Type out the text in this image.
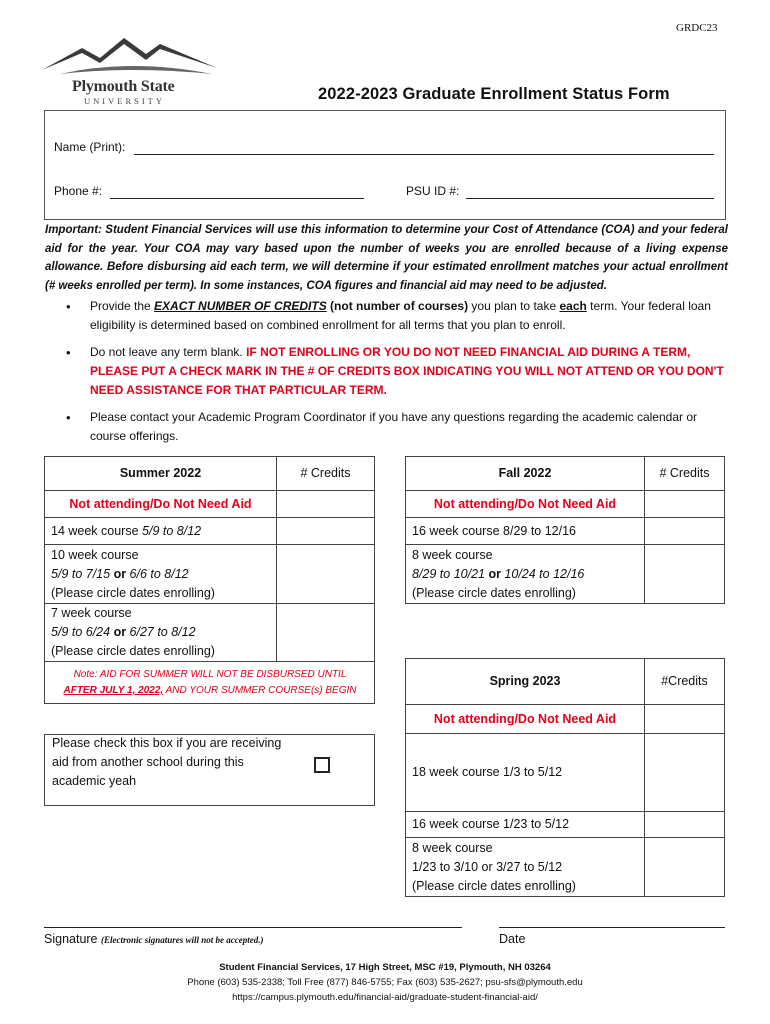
GRDC23
Plymouth State
UNIVERSITY	2022-2023 Graduate Enrollment Status Form
Name (Print):
Phone #:	PSU ID #:
Important: Student Financial Services will use this information to determine your Cost of Attendance (COA) and your federal aid for the year. Your COA may vary based upon the number of weeks you are enrolled because of a living expense allowance. Before disbursing aid each term, we will determine if your estimated enrollment matches your actual enrollment (# weeks enrolled per term). In some instances, COA figures and financial aid may need to be adjusted.
• Provide the EXACT NUMBER OF CREDITS (not number of courses) you plan to take each term. Your federal loan eligibility is determined based on combined enrollment for all terms that you plan to enroll.
• Do not leave any term blank. IF NOT ENROLLING OR YOU DO NOT NEED FINANCIAL AID DURING A TERM, PLEASE PUT A CHECK MARK IN THE # OF CREDITS BOX INDICATING YOU WILL NOT ATTEND OR YOU DON'T NEED ASSISTANCE FOR THAT PARTICULAR TERM.
• Please contact your Academic Program Coordinator if you have any questions regarding the academic calendar or course offerings.
Summer 2022	# Credits
Not attending/Do Not Need Aid	
14 week course 5/9 to 8/12	

10 week course
5/9 to 7/15 or 6/6 to 8/12
(Please circle dates enrolling)	

7 week course
5/9 to 6/24 or 6/27 to 8/12
(Please circle dates enrolling)	

Note: AID FOR SUMMER WILL NOT BE DISBURSED UNTIL
AFTER JULY 1, 2022, AND YOUR SUMMER COURSE(s) BEGIN
Please check this box if you are receiving aid from another school during this academic yeah
Fall 2022	# Credits
Not attending/Do Not Need Aid	
16 week course 8/29 to 12/16	

8 week course
8/29 to 10/21 or 10/24 to 12/16
(Please circle dates enrolling)	

Spring 2023	#Credits
Not attending/Do Not Need Aid	
18 week course 1/3 to 5/12	
16 week course 1/23 to 5/12	

8 week course
1/23 to 3/10 or 3/27 to 5/12
(Please circle dates enrolling)	

Signature (Electronic signatures will not be accepted.)	Date
Student Financial Services, 17 High Street, MSC #19, Plymouth, NH 03264
Phone (603) 535-2338; Toll Free (877) 846-5755; Fax (603) 535-2627; psu-sfs@plymouth.edu
https://campus.plymouth.edu/financial-aid/graduate-student-financial-aid/
